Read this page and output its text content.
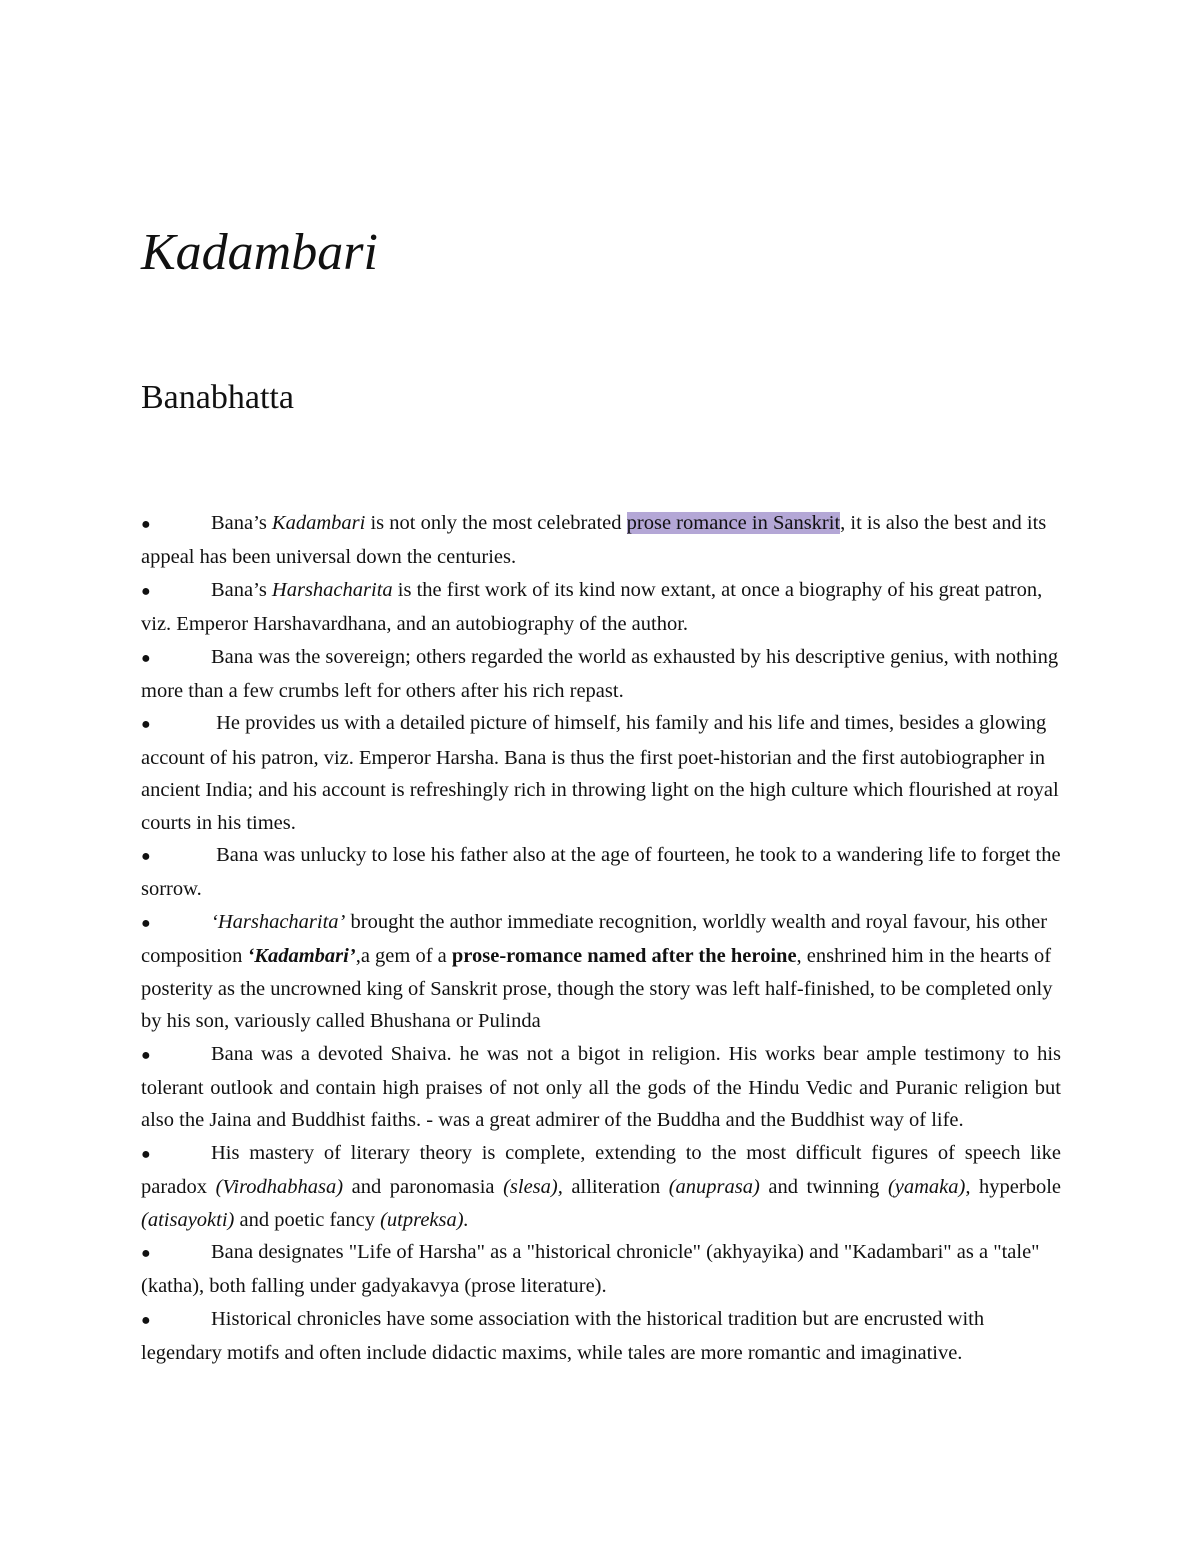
Kadambari
Banabhatta
●	Bana’s Kadambari is not only the most celebrated prose romance in Sanskrit, it is also the best and its appeal has been universal down the centuries.
●	Bana’s Harshacharita is the first work of its kind now extant, at once a biography of his great patron, viz. Emperor Harshavardhana, and an autobiography of the author.
●	Bana was the sovereign; others regarded the world as exhausted by his descriptive genius, with nothing more than a few crumbs left for others after his rich repast.
●	He provides us with a detailed picture of himself, his family and his life and times, besides a glowing account of his patron, viz. Emperor Harsha. Bana is thus the first poet-historian and the first autobiographer in ancient India; and his account is refreshingly rich in throwing light on the high culture which flourished at royal courts in his times.
●	Bana was unlucky to lose his father also at the age of fourteen, he took to a wandering life to forget the sorrow.
●	‘Harshacharita’ brought the author immediate recognition, worldly wealth and royal favour, his other composition ‘Kadambari’,a gem of a prose-romance named after the heroine, enshrined him in the hearts of posterity as the uncrowned king of Sanskrit prose, though the story was left half-finished, to be completed only by his son, variously called Bhushana or Pulinda
●	Bana was a devoted Shaiva. he was not a bigot in religion. His works bear ample testimony to his tolerant outlook and contain high praises of not only all the gods of the Hindu Vedic and Puranic religion but also the Jaina and Buddhist faiths. - was a great admirer of the Buddha and the Buddhist way of life.
●	His mastery of literary theory is complete, extending to the most difficult figures of speech like paradox (Virodhabhasa) and paronomasia (slesa), alliteration (anuprasa) and twinning (yamaka), hyperbole (atisayokti) and poetic fancy (utpreksa).
●	Bana designates "Life of Harsha" as a "historical chronicle" (akhyayika) and "Kadambari" as a "tale" (katha), both falling under gadyakavya (prose literature).
●	Historical chronicles have some association with the historical tradition but are encrusted with legendary motifs and often include didactic maxims, while tales are more romantic and imaginative.
